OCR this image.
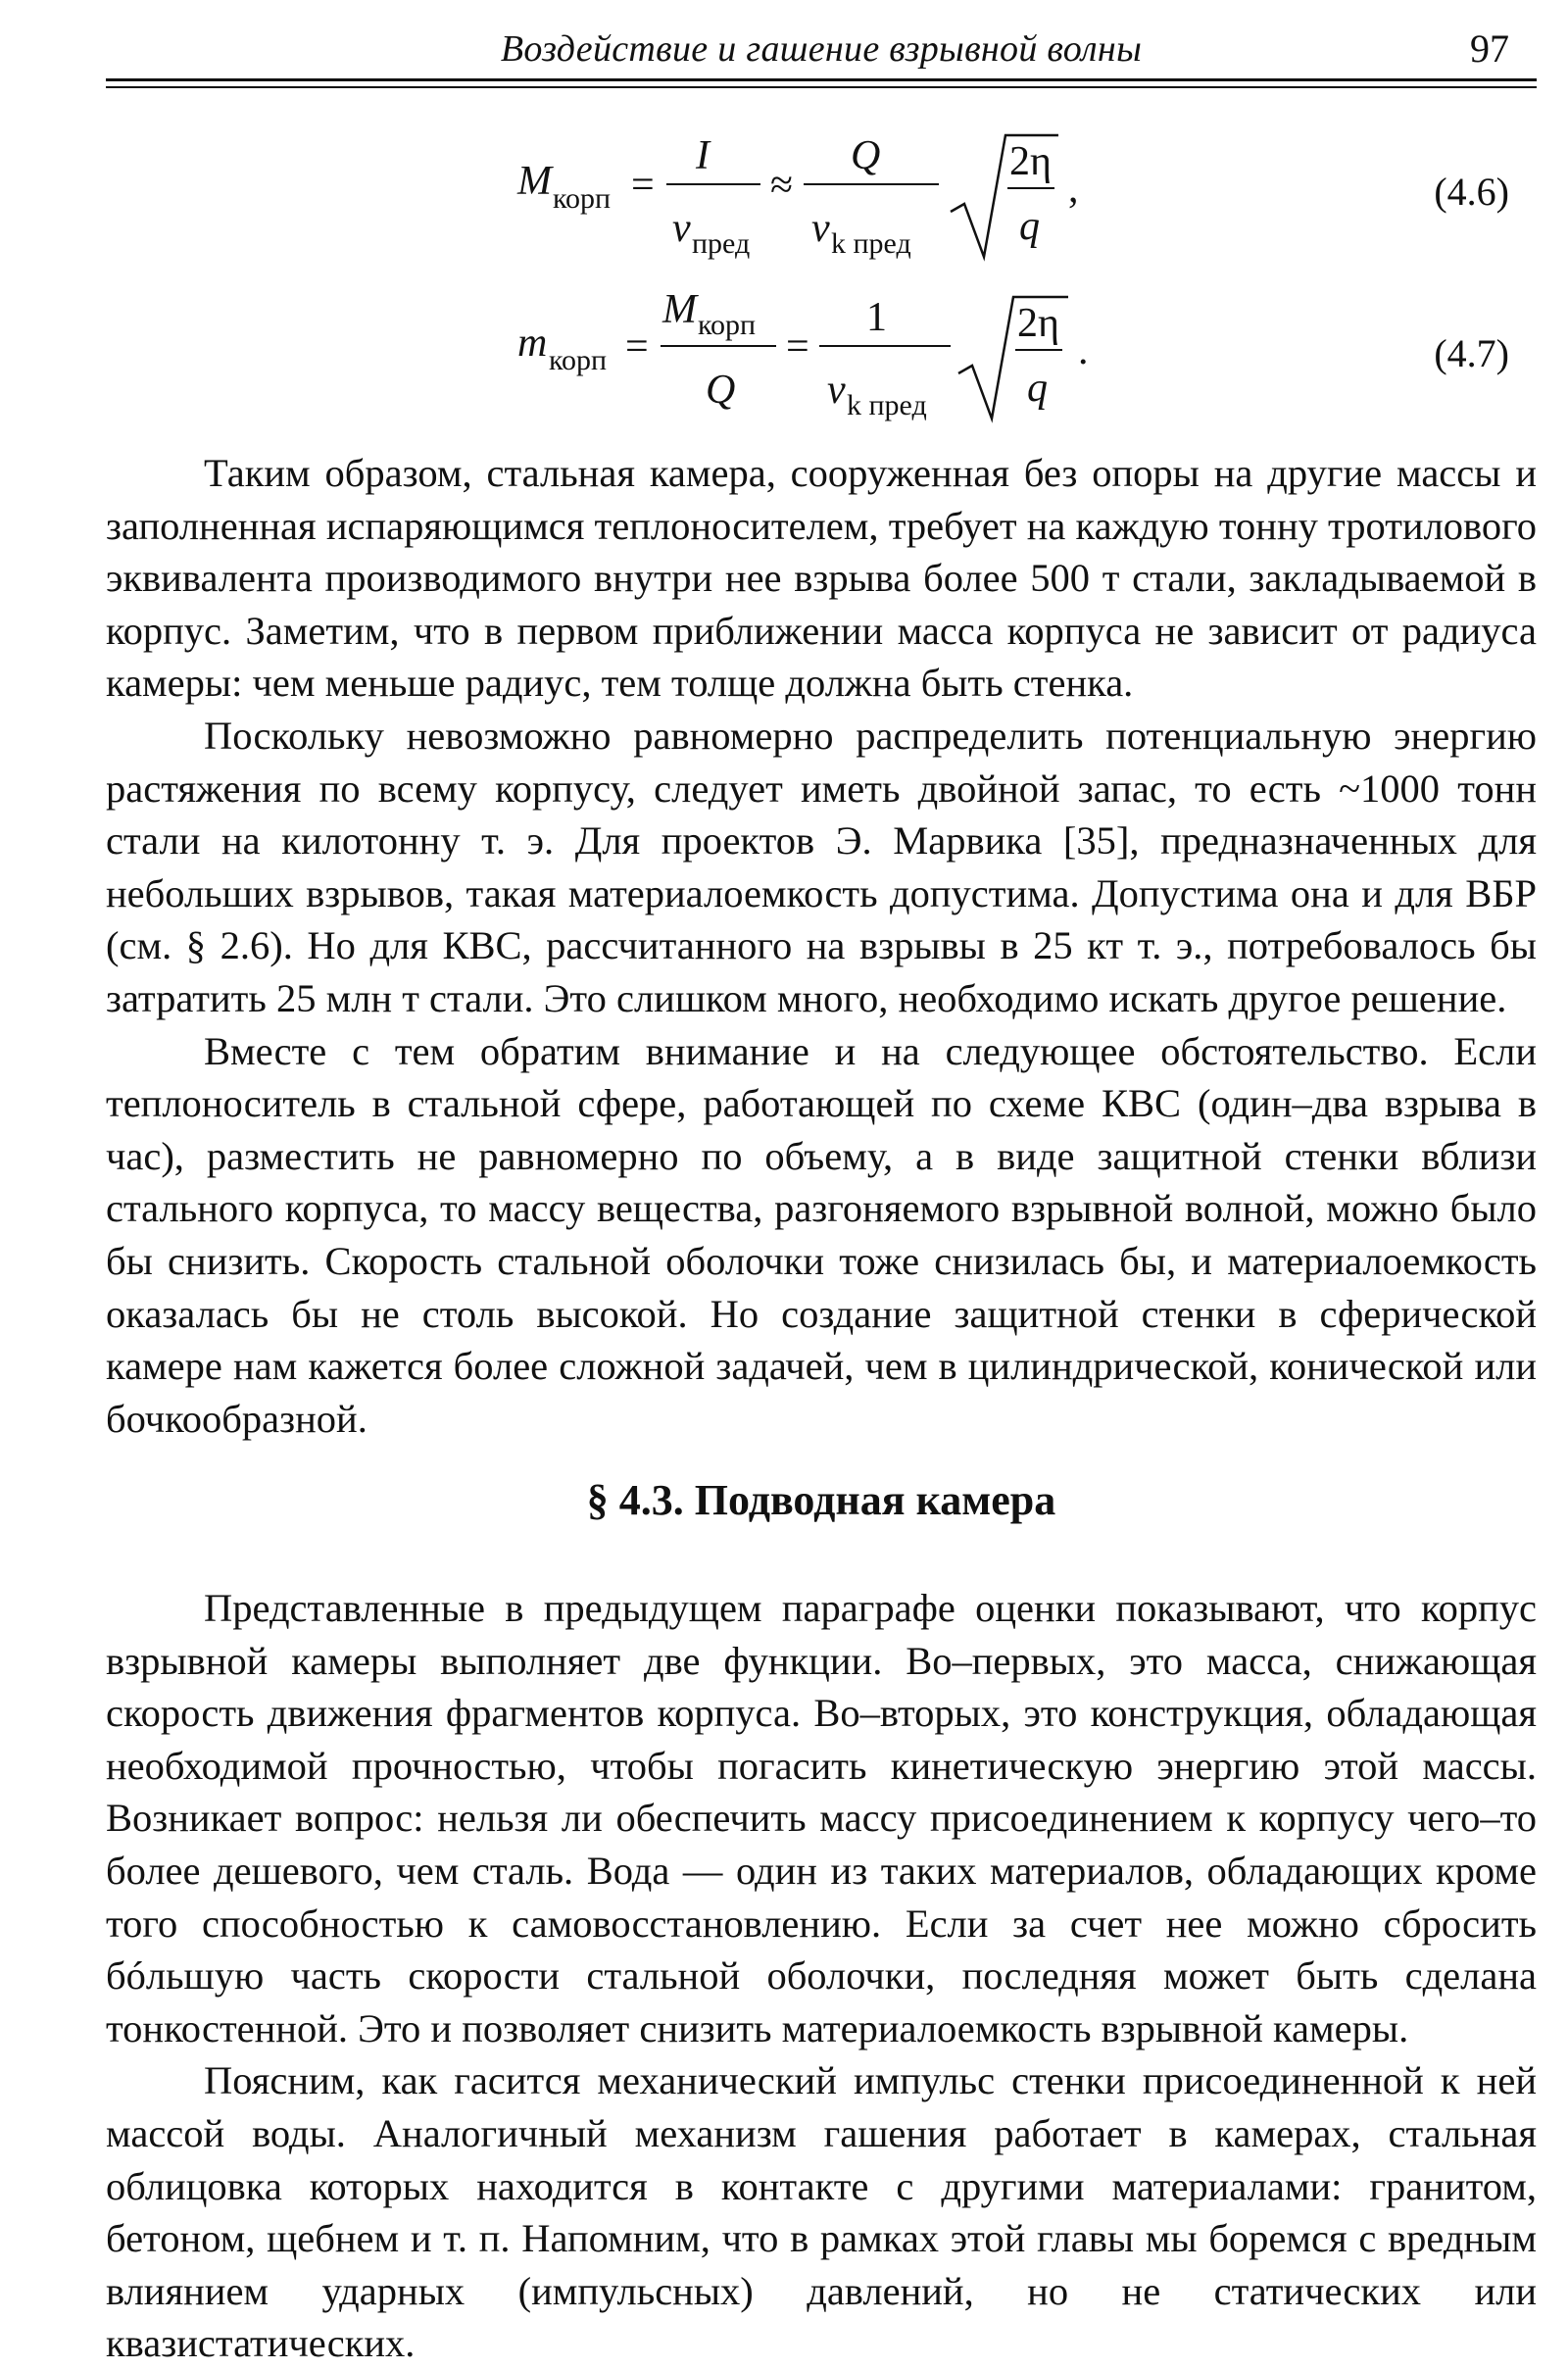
Воздействие и гашение взрывной волны	97
M корп =
I
v пред
≈
Q
v k пред
2η
q
,	(4.6)
m корп =
M корп
Q
=
1
v k пред
2η
q
.	(4.7)

Таким образом, стальная камера, сооруженная без опоры на другие массы и заполненная испаряющимся теплоносителем, требует на каждую тонну тротилового эквивалента производимого внутри нее взрыва более 500 т стали, закладываемой в корпус. Заметим, что в первом приближении масса корпуса не зависит от радиуса камеры: чем меньше радиус, тем толще должна быть стенка.

Поскольку невозможно равномерно распределить потенциальную энергию растяжения по всему корпусу, следует иметь двойной запас, то есть ~1000 тонн стали на килотонну т. э. Для проектов Э. Марвика [35], предназначенных для небольших взрывов, такая материалоемкость допустима. Допустима она и для ВБР (см. § 2.6). Но для КВС, рассчитанного на взрывы в 25 кт т. э., потребовалось бы затратить 25 млн т стали. Это слишком много, необходимо искать другое решение.

Вместе с тем обратим внимание и на следующее обстоятельство. Если теплоноситель в стальной сфере, работающей по схеме КВС (один–два взрыва в час), разместить не равномерно по объему, а в виде защитной стенки вблизи стального корпуса, то массу вещества, разгоняемого взрывной волной, можно было бы снизить. Скорость стальной оболочки тоже снизилась бы, и материалоемкость оказалась бы не столь высокой. Но создание защитной стенки в сферической камере нам кажется более сложной задачей, чем в цилиндрической, конической или бочкообразной.

§ 4.3. Подводная камера

Представленные в предыдущем параграфе оценки показывают, что корпус взрывной камеры выполняет две функции. Во–первых, это масса, снижающая скорость движения фрагментов корпуса. Во–вторых, это конструкция, обладающая необходимой прочностью, чтобы погасить кинетическую энергию этой массы. Возникает вопрос: нельзя ли обеспечить массу присоединением к корпусу чего–то более дешевого, чем сталь. Вода — один из таких материалов, обладающих кроме того способностью к самовосстановлению. Если за счет нее можно сбросить бóльшую часть скорости стальной оболочки, последняя может быть сделана тонкостенной. Это и позволяет снизить материалоемкость взрывной камеры.

Поясним, как гасится механический импульс стенки присоединенной к ней массой воды. Аналогичный механизм гашения работает в камерах, стальная облицовка которых находится в контакте с другими материалами: гранитом, бетоном, щебнем и т. п. Напомним, что в рамках этой главы мы боремся с вредным влиянием ударных (импульсных) давлений, но не статических или квазистатических.
